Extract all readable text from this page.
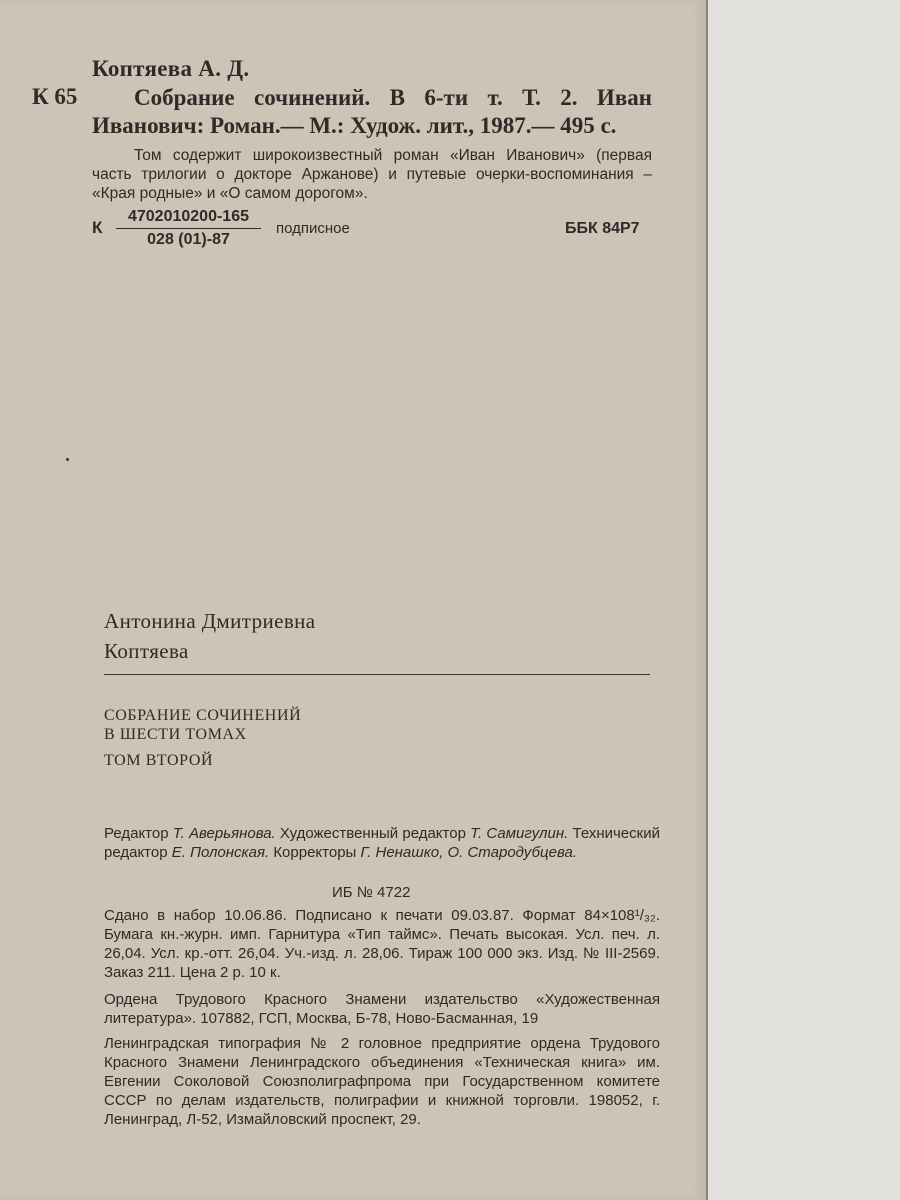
Коптяева А. Д.
К 65	Собрание сочинений. В 6-ти т. Т. 2. Иван Иванович: Роман.— М.: Худож. лит., 1987.— 495 с.

Том содержит широкоизвестный роман «Иван Иванович» (первая часть трилогии о докторе Аржанове) и путевые очерки-воспоминания – «Края родные» и «О самом дорогом».

К $\frac{4702010200-165}{028 (01)-87}$ подписное	ББК 84Р7
Антонина Дмитриевна
Коптяева
СОБРАНИЕ СОЧИНЕНИЙ
В ШЕСТИ ТОМАХ
ТОМ ВТОРОЙ

Редактор Т. Аверьянова. Художественный редактор Т. Самигулин. Технический редактор Е. Полонская. Корректоры Г. Ненашко, О. Стародубцева.

ИБ № 4722

Сдано в набор 10.06.86. Подписано к печати 09.03.87. Формат 84×108¹/₃₂. Бумага кн.-журн. имп. Гарнитура «Тип таймс». Печать высокая. Усл. печ. л. 26,04. Усл. кр.-отт. 26,04. Уч.-изд. л. 28,06. Тираж 100 000 экз. Изд. № III-2569. Заказ 211. Цена 2 р. 10 к.

Ордена Трудового Красного Знамени издательство «Художественная литература». 107882, ГСП, Москва, Б-78, Ново-Басманная, 19

Ленинградская типография № 2 головное предприятие ордена Трудового Красного Знамени Ленинградского объединения «Техническая книга» им. Евгении Соколовой Союзполиграфпрома при Государственном комитете СССР по делам издательств, полиграфии и книжной торговли. 198052, г. Ленинград, Л-52, Измайловский проспект, 29.
